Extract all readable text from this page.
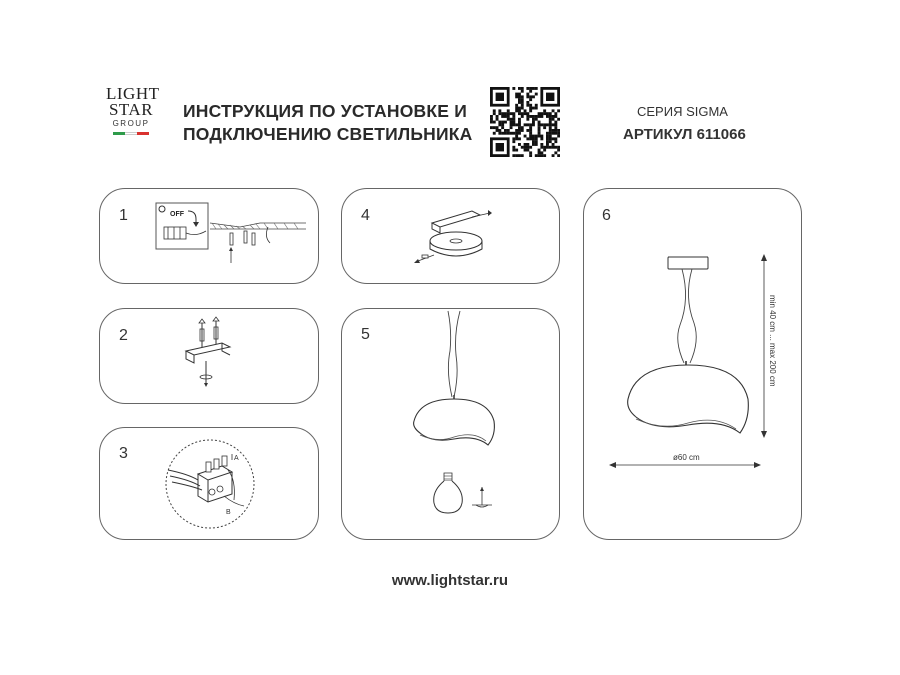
LIGHT
STAR
GROUP
ИНСТРУКЦИЯ ПО УСТАНОВКЕ И
ПОДКЛЮЧЕНИЮ СВЕТИЛЬНИКА
СЕРИЯ SIGMA
АРТИКУЛ 611066
1	OFF
2
3	A
B
4
5
6
min 40 cm ... max 200 cm
ø60 cm
www.lightstar.ru
